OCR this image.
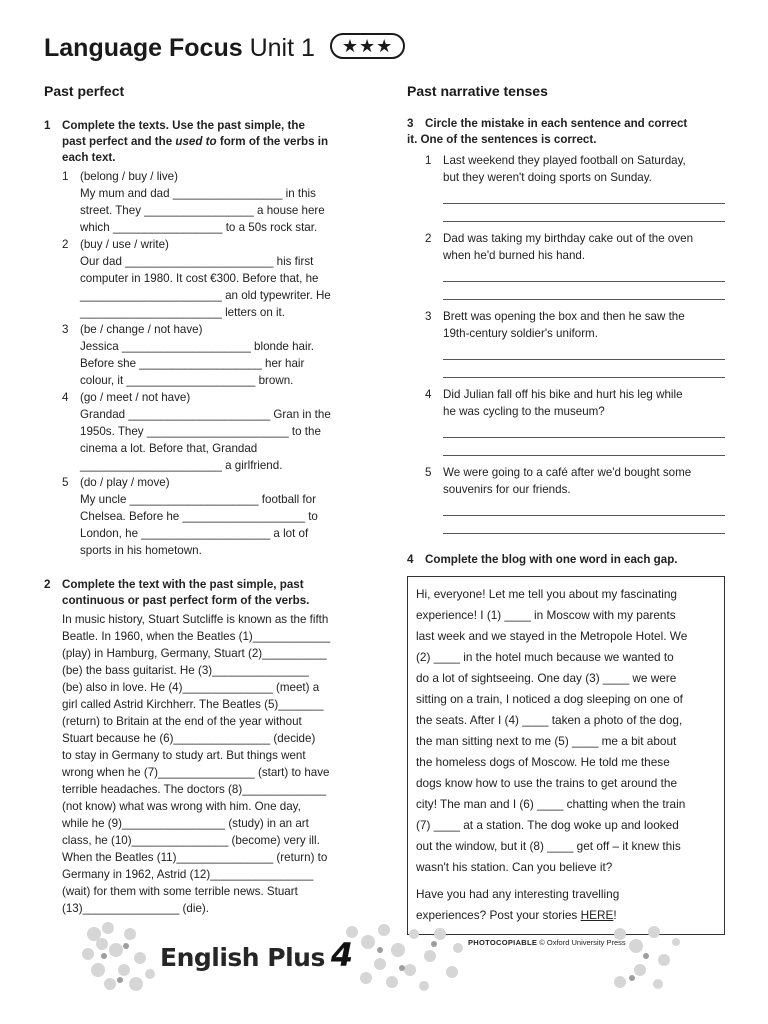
Language Focus Unit 1 ★★★
Past perfect	Past narrative tenses
1 Complete the texts. Use the past simple, the
past perfect and the used to form of the verbs in
each text.
1 (belong / buy / live)
My mum and dad _________________ in this
street. They _________________ a house here
which _________________ to a 50s rock star.
2 (buy / use / write)
Our dad _______________________ his first
computer in 1980. It cost €300. Before that, he
______________________ an old typewriter. He
______________________ letters on it.
3 (be / change / not have)
Jessica ____________________ blonde hair.
Before she ___________________ her hair
colour, it ____________________ brown.
4 (go / meet / not have)
Grandad ______________________ Gran in the
1950s. They ______________________ to the
cinema a lot. Before that, Grandad
______________________ a girlfriend.
5 (do / play / move)
My uncle ____________________ football for
Chelsea. Before he ___________________ to
London, he ____________________ a lot of
sports in his hometown.
2 Complete the text with the past simple, past
continuous or past perfect form of the verbs.
In music history, Stuart Sutcliffe is known as the fifth
Beatle. In 1960, when the Beatles (1)____________
(play) in Hamburg, Germany, Stuart (2)__________
(be) the bass guitarist. He (3)_______________
(be) also in love. He (4)______________ (meet) a
girl called Astrid Kirchherr. The Beatles (5)_______
(return) to Britain at the end of the year without
Stuart because he (6)_______________ (decide)
to stay in Germany to study art. But things went
wrong when he (7)_______________ (start) to have
terrible headaches. The doctors (8)_____________
(not know) what was wrong with him. One day,
while he (9)________________ (study) in an art
class, he (10)_______________ (become) very ill.
When the Beatles (11)_______________ (return) to
Germany in 1962, Astrid (12)________________
(wait) for them with some terrible news. Stuart
(13)_______________ (die).
3 Circle the mistake in each sentence and correct
it. One of the sentences is correct.
1 Last weekend they played football on Saturday,
but they weren't doing sports on Sunday.
2 Dad was taking my birthday cake out of the oven
when he'd burned his hand.
3 Brett was opening the box and then he saw the
19th-century soldier's uniform.
4 Did Julian fall off his bike and hurt his leg while
he was cycling to the museum?
5 We were going to a café after we'd bought some
souvenirs for our friends.
4 Complete the blog with one word in each gap.
Hi, everyone! Let me tell you about my fascinating
experience! I (1) ____ in Moscow with my parents
last week and we stayed in the Metropole Hotel. We
(2) ____ in the hotel much because we wanted to
do a lot of sightseeing. One day (3) ____ we were
sitting on a train, I noticed a dog sleeping on one of
the seats. After I (4) ____ taken a photo of the dog,
the man sitting next to me (5) ____ me a bit about
the homeless dogs of Moscow. He told me these
dogs know how to use the trains to get around the
city! The man and I (6) ____ chatting when the train
(7) ____ at a station. The dog woke up and looked
out the window, but it (8) ____ get off – it knew this
wasn't his station. Can you believe it?
Have you had any interesting travelling
experiences? Post your stories HERE!
English Plus 4	PHOTOCOPIABLE © Oxford University Press
